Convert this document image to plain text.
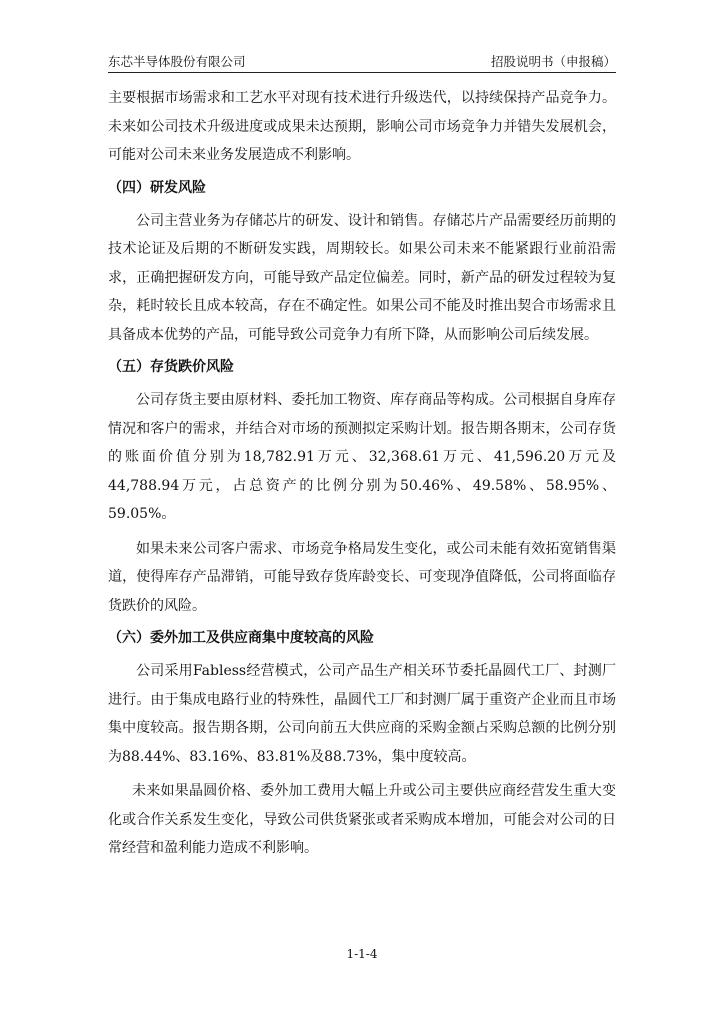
东芯半导体股份有限公司	招股说明书（申报稿）

主要根据市场需求和工艺水平对现有技术进行升级迭代，以持续保持产品竞争力。未来如公司技术升级进度或成果未达预期，影响公司市场竞争力并错失发展机会，可能对公司未来业务发展造成不利影响。

（四）研发风险

公司主营业务为存储芯片的研发、设计和销售。存储芯片产品需要经历前期的技术论证及后期的不断研发实践，周期较长。如果公司未来不能紧跟行业前沿需求，正确把握研发方向，可能导致产品定位偏差。同时，新产品的研发过程较为复杂，耗时较长且成本较高，存在不确定性。如果公司不能及时推出契合市场需求且具备成本优势的产品，可能导致公司竞争力有所下降，从而影响公司后续发展。

（五）存货跌价风险

公司存货主要由原材料、委托加工物资、库存商品等构成。公司根据自身库存情况和客户的需求，并结合对市场的预测拟定采购计划。报告期各期末，公司存货的账面价值分别为18,782.91万元、32,368.61万元、41,596.20万元及44,788.94万元，占总资产的比例分别为50.46%、49.58%、58.95%、59.05%。

如果未来公司客户需求、市场竞争格局发生变化，或公司未能有效拓宽销售渠道，使得库存产品滞销，可能导致存货库龄变长、可变现净值降低，公司将面临存货跌价的风险。

（六）委外加工及供应商集中度较高的风险

公司采用Fabless经营模式，公司产品生产相关环节委托晶圆代工厂、封测厂进行。由于集成电路行业的特殊性，晶圆代工厂和封测厂属于重资产企业而且市场集中度较高。报告期各期，公司向前五大供应商的采购金额占采购总额的比例分别为88.44%、83.16%、83.81%及88.73%，集中度较高。

未来如果晶圆价格、委外加工费用大幅上升或公司主要供应商经营发生重大变化或合作关系发生变化，导致公司供货紧张或者采购成本增加，可能会对公司的日常经营和盈利能力造成不利影响。

1-1-4
